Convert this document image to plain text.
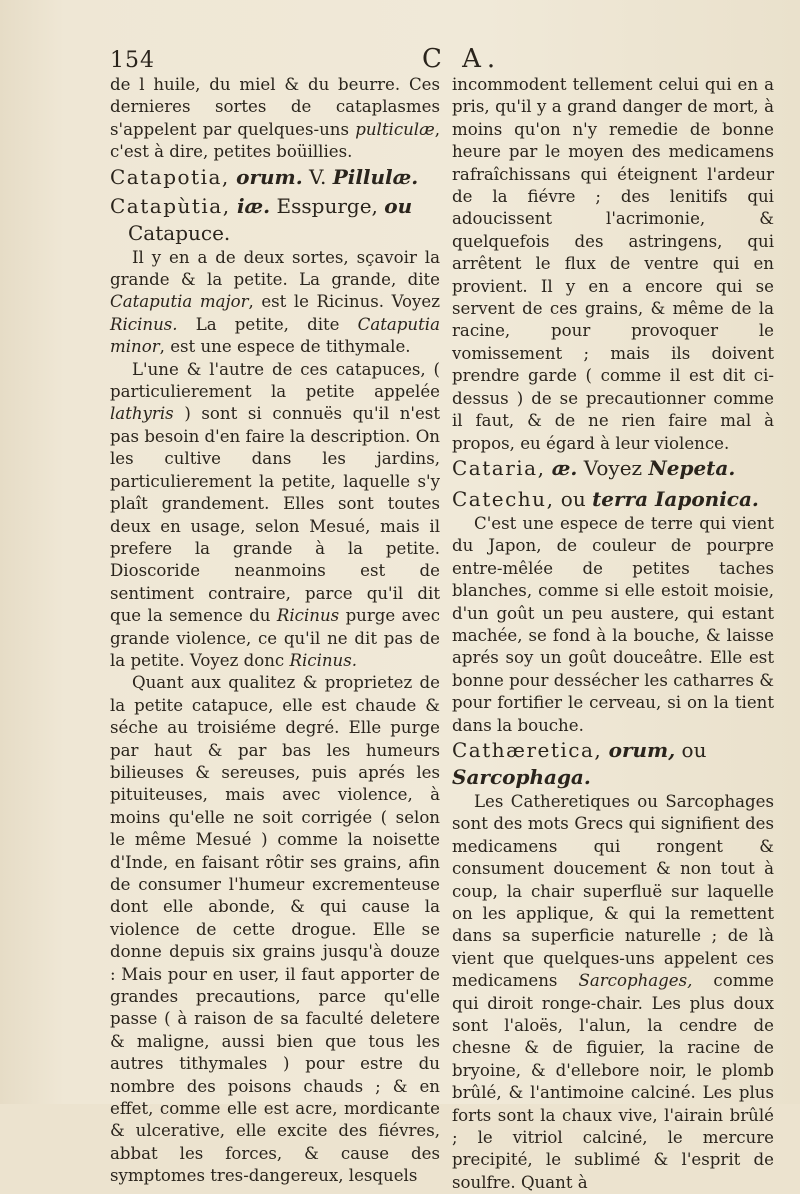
154	C A.

de l huile, du miel & du beurre. Ces dernieres sortes de cataplasmes s'appelent par quelques-uns pulticulæ, c'est à dire, petites boüillies.

Catapotia, orum. V. Pillulæ.

Catapùtia, iæ. Esspurge, ou
Catapuce.

Il y en a de deux sortes, sçavoir la grande & la petite. La grande, dite Cataputia major, est le Ricinus. Voyez Ricinus. La petite, dite Cataputia minor, est une espece de tithymale.

L'une & l'autre de ces catapuces, ( particulierement la petite appelée lathyris ) sont si connuës qu'il n'est pas besoin d'en faire la description. On les cultive dans les jardins, particulierement la petite, laquelle s'y plaît grandement. Elles sont toutes deux en usage, selon Mesué, mais il prefere la grande à la petite. Dioscoride neanmoins est de sentiment contraire, parce qu'il dit que la semence du Ricinus purge avec grande violence, ce qu'il ne dit pas de la petite. Voyez donc Ricinus.

Quant aux qualitez & proprietez de la petite catapuce, elle est chaude & séche au troisiéme degré. Elle purge par haut & par bas les humeurs bilieuses & sereuses, puis aprés les pituiteuses, mais avec violence, à moins qu'elle ne soit corrigée ( selon le même Mesué ) comme la noisette d'Inde, en faisant rôtir ses grains, afin de consumer l'humeur excrementeuse dont elle abonde, & qui cause la violence de cette drogue. Elle se donne depuis six grains jusqu'à douze : Mais pour en user, il faut apporter de grandes precautions, parce qu'elle passe ( à raison de sa faculté deletere & maligne, aussi bien que tous les autres tithymales ) pour estre du nombre des poisons chauds ; & en effet, comme elle est acre, mordicante & ulcerative, elle excite des fiévres, abbat les forces, & cause des symptomes tres-dangereux, lesquels

incommodent tellement celui qui en a pris, qu'il y a grand danger de mort, à moins qu'on n'y remedie de bonne heure par le moyen des medicamens rafraîchissans qui éteignent l'ardeur de la fiévre ; des lenitifs qui adoucissent l'acrimonie, & quelquefois des astringens, qui arrêtent le flux de ventre qui en provient. Il y en a encore qui se servent de ces grains, & même de la racine, pour provoquer le vomissement ; mais ils doivent prendre garde ( comme il est dit ci-dessus ) de se precautionner comme il faut, & de ne rien faire mal à propos, eu égard à leur violence.

Cataria, æ. Voyez Nepeta.

Catechu, ou terra Iaponica.

C'est une espece de terre qui vient du Japon, de couleur de pourpre entre-mêlée de petites taches blanches, comme si elle estoit moisie, d'un goût un peu austere, qui estant machée, se fond à la bouche, & laisse aprés soy un goût douceâtre. Elle est bonne pour dessécher les catharres & pour fortifier le cerveau, si on la tient dans la bouche.

Cathæretica, orum, ou Sarcophaga.

Les Catheretiques ou Sarcophages sont des mots Grecs qui signifient des medicamens qui rongent & consument doucement & non tout à coup, la chair superfluë sur laquelle on les applique, & qui la remettent dans sa superficie naturelle ; de là vient que quelques-uns appelent ces medicamens Sarcophages, comme qui diroit ronge-chair. Les plus doux sont l'aloës, l'alun, la cendre de chesne & de figuier, la racine de bryoine, & d'ellebore noir, le plomb brûlé, & l'antimoine calciné. Les plus forts sont la chaux vive, l'airain brûlé ; le vitriol calciné, le mercure precipité, le sublimé & l'esprit de soulfre. Quant à
